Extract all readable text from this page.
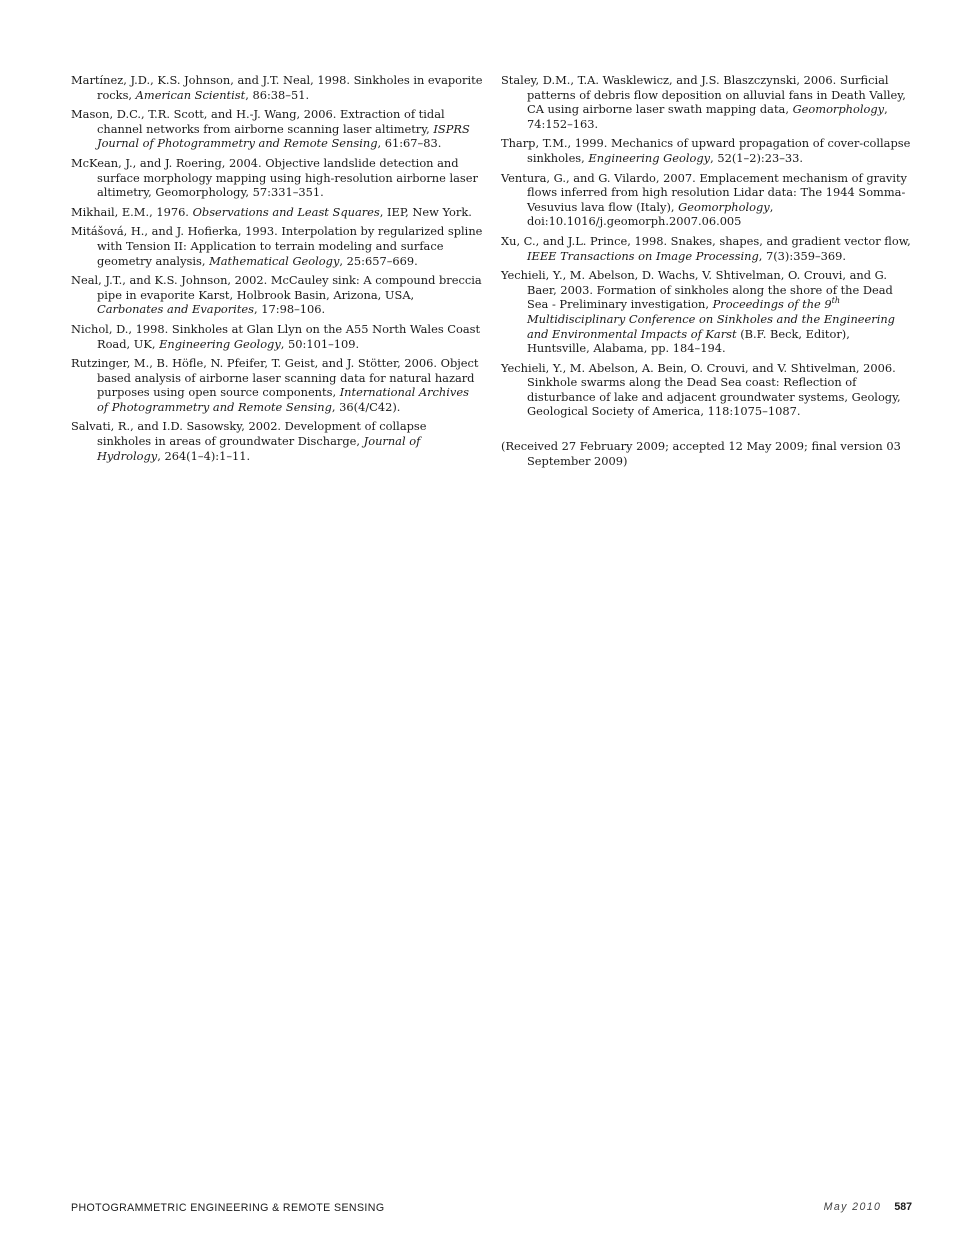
Martínez, J.D., K.S. Johnson, and J.T. Neal, 1998. Sinkholes in evaporite rocks, American Scientist, 86:38–51.

Mason, D.C., T.R. Scott, and H.-J. Wang, 2006. Extraction of tidal channel networks from airborne scanning laser altimetry, ISPRS Journal of Photogrammetry and Remote Sensing, 61:67–83.

McKean, J., and J. Roering, 2004. Objective landslide detection and surface morphology mapping using high-resolution airborne laser altimetry, Geomorphology, 57:331–351.

Mikhail, E.M., 1976. Observations and Least Squares, IEP, New York.

Mitášová, H., and J. Hofierka, 1993. Interpolation by regularized spline with Tension II: Application to terrain modeling and surface geometry analysis, Mathematical Geology, 25:657–669.

Neal, J.T., and K.S. Johnson, 2002. McCauley sink: A compound breccia pipe in evaporite Karst, Holbrook Basin, Arizona, USA, Carbonates and Evaporites, 17:98–106.

Nichol, D., 1998. Sinkholes at Glan Llyn on the A55 North Wales Coast Road, UK, Engineering Geology, 50:101–109.

Rutzinger, M., B. Höfle, N. Pfeifer, T. Geist, and J. Stötter, 2006. Object based analysis of airborne laser scanning data for natural hazard purposes using open source components, International Archives of Photogrammetry and Remote Sensing, 36(4/C42).

Salvati, R., and I.D. Sasowsky, 2002. Development of collapse sinkholes in areas of groundwater Discharge, Journal of Hydrology, 264(1–4):1–11.

Staley, D.M., T.A. Wasklewicz, and J.S. Blaszczynski, 2006. Surficial patterns of debris flow deposition on alluvial fans in Death Valley, CA using airborne laser swath mapping data, Geomorphology, 74:152–163.

Tharp, T.M., 1999. Mechanics of upward propagation of cover-collapse sinkholes, Engineering Geology, 52(1–2):23–33.

Ventura, G., and G. Vilardo, 2007. Emplacement mechanism of gravity flows inferred from high resolution Lidar data: The 1944 Somma-Vesuvius lava flow (Italy), Geomorphology, doi:10.1016/j.geomorph.2007.06.005

Xu, C., and J.L. Prince, 1998. Snakes, shapes, and gradient vector flow, IEEE Transactions on Image Processing, 7(3):359–369.

Yechieli, Y., M. Abelson, D. Wachs, V. Shtivelman, O. Crouvi, and G. Baer, 2003. Formation of sinkholes along the shore of the Dead Sea - Preliminary investigation, Proceedings of the 9th Multidisciplinary Conference on Sinkholes and the Engineering and Environmental Impacts of Karst (B.F. Beck, Editor), Huntsville, Alabama, pp. 184–194.

Yechieli, Y., M. Abelson, A. Bein, O. Crouvi, and V. Shtivelman, 2006. Sinkhole swarms along the Dead Sea coast: Reflection of disturbance of lake and adjacent groundwater systems, Geology, Geological Society of America, 118:1075–1087.

(Received 27 February 2009; accepted 12 May 2009; final version 03 September 2009)
PHOTOGRAMMETRIC ENGINEERING & REMOTE SENSING	May 2010 587
